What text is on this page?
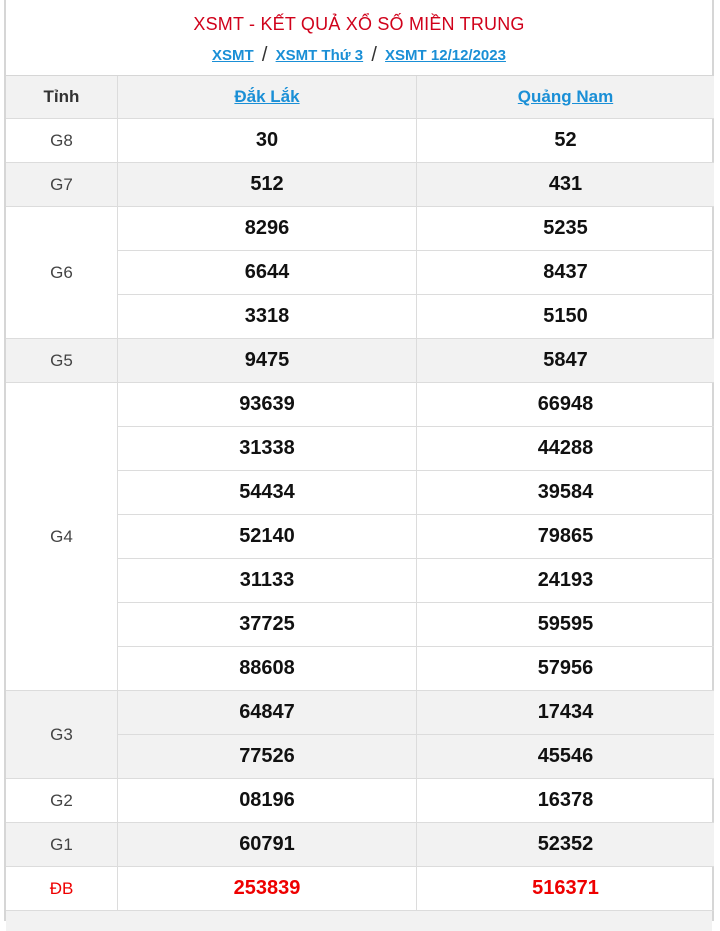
XSMT - KẾT QUẢ XỔ SỐ MIỀN TRUNG
XSMT / XSMT Thứ 3 / XSMT 12/12/2023
Tỉnh	Đắk Lắk	Quảng Nam
G8	30	52
G7	512	431
G6	8296	5235
	6644	8437
	3318	5150
G5	9475	5847
G4	93639	66948
	31338	44288
	54434	39584
	52140	79865
	31133	24193
	37725	59595
	88608	57956
G3	64847	17434
	77526	45546
G2	08196	16378
G1	60791	52352
ĐB	253839	516371
